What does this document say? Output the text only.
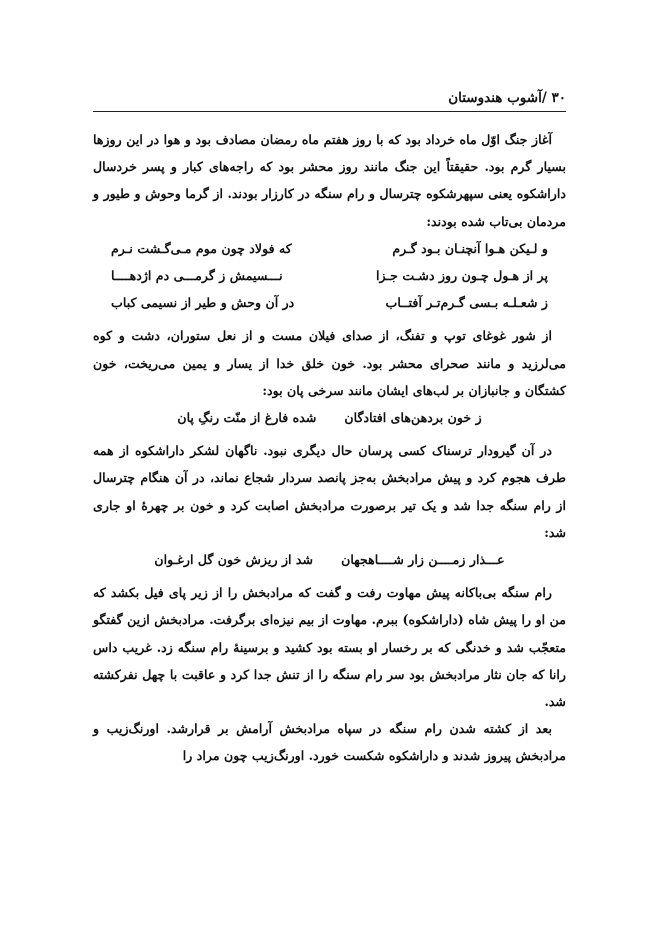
۳۰ /آشوب هندوستان

آغاز جنگ اوّل ماه خرداد بود که با روز هفتم ماه رمضان مصادف بود و هوا در این روزها بسیار گرم بود. حقیقتاً این جنگ مانند روز محشر بود که راجه‌های کبار و پسر خردسال داراشکوه یعنی سپهرشکوه چترسال و رام سنگه در کارزار بودند. از گرما وحوش و طیور و مردمان بی‌تاب شده بودند:

و لـیکن هـوا آنچنـان بـود گـرم
که فولاد چون موم مـی‌گـشت نـرم
پر از هـول چـون روز دشـت جـزا
نـــسیمش ز گرمـــی دم اژدهــــا
ز شعـلـه بـسی گـرم‌تـر آفتــاب
در آن وحش و طیر از نسیمی کباب

از شور غوغای توپ و تفنگ، از صدای فیلان مست و از نعل ستوران، دشت و کوه می‌لرزید و مانند صحرای محشر بود. خون خلق خدا از یسار و یمین می‌ریخت، خون کشتگان و جانبازان بر لب‌های ایشان مانند سرخی پان بود:

ز خون بردهن‌های افتادگان
شده فارغ از منّت رنگِ پان

در آن گیرودار ترسناک کسی پرسان حال دیگری نبود. ناگهان لشکر داراشکوه از همه طرف هجوم کرد و پیش مرادبخش به‌جز پانصد سردار شجاع نماند، در آن هنگام چترسال از رام سنگه جدا شد و یک تیر برصورت مرادبخش اصابت کرد و خون بر چهرهٔ او جاری شد:

عـــذار زمــــن زار شــــاهجهان
شد از ریزش خون گل ارغـوان

رام سنگه بی‌باکانه پیش مهاوت رفت و گفت که مرادبخش را از زیر پای فیل بکشد که من او را پیش شاه (داراشکوه) ببرم. مهاوت از بیم نیزه‌ای برگرفت. مرادبخش ازین گفتگو متعجّب شد و خدنگی که بر رخسار او بسته بود کشید و برسینهٔ رام سنگه زد. غریب داس رانا که جان نثار مرادبخش بود سر رام سنگه را از تنش جدا کرد و عاقبت با چهل نفرکشته شد.

بعد از کشته شدن رام سنگه در سپاه مرادبخش آرامش بر قرارشد. اورنگ‌زیب و مرادبخش پیروز شدند و داراشکوه شکست خورد. اورنگ‌زیب چون مراد را
